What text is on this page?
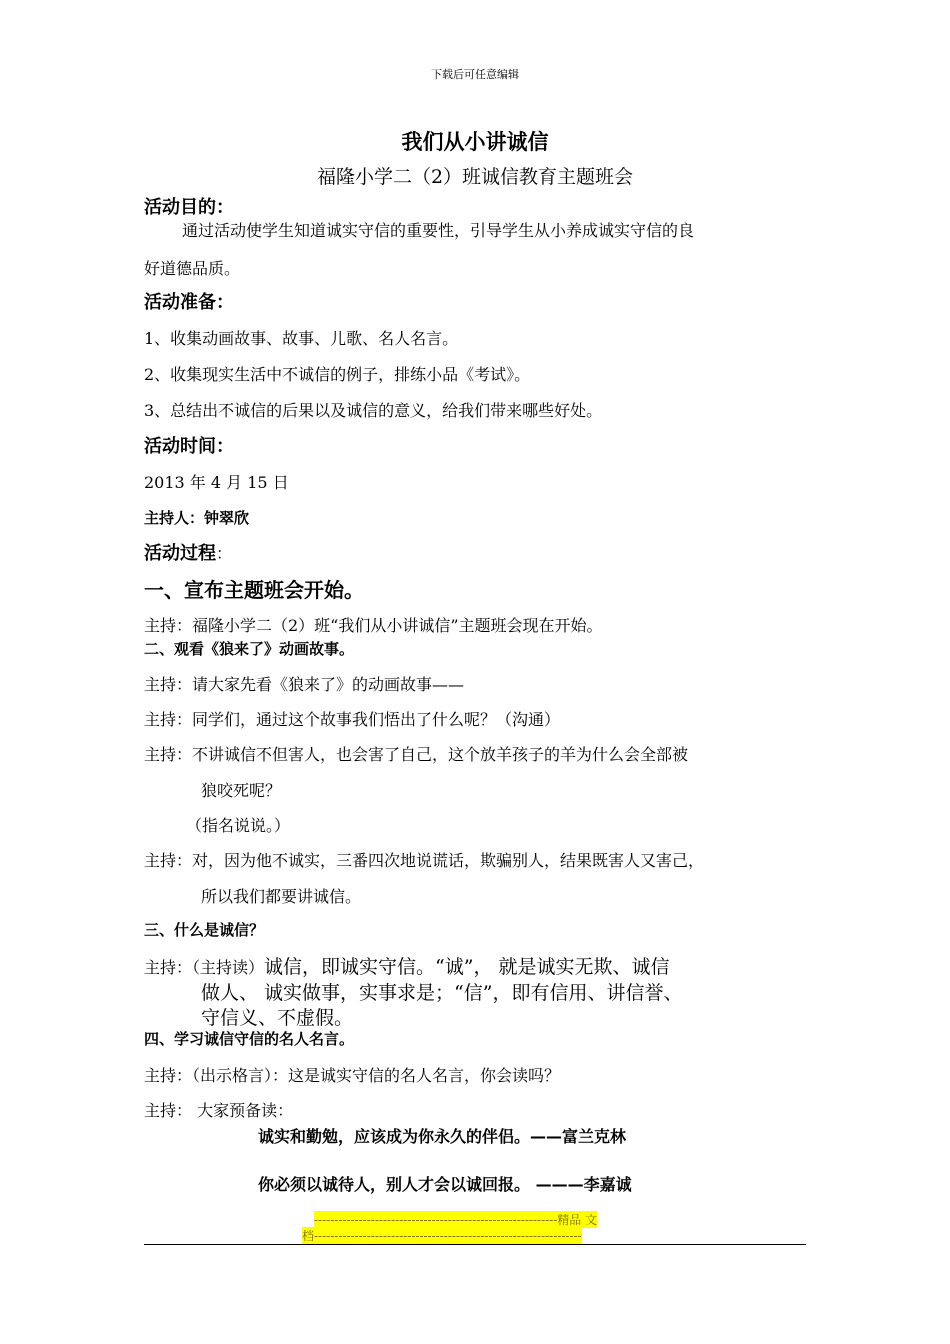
下载后可任意编辑
我们从小讲诚信
福隆小学二（2）班诚信教育主题班会
活动目的：
通过活动使学生知道诚实守信的重要性，引导学生从小养成诚实守信的良
好道德品质。
活动准备：
1、收集动画故事、故事、儿歌、名人名言。
2、收集现实生活中不诚信的例子，排练小品《考试》。
3、总结出不诚信的后果以及诚信的意义，给我们带来哪些好处。
活动时间：
2013 年 4 月 15 日
主持人：钟翠欣
活动过程：
一、宣布主题班会开始。
主持：福隆小学二（2）班“我们从小讲诚信”主题班会现在开始。
二、观看《狼来了》动画故事。
主持：请大家先看《狼来了》的动画故事——
主持：同学们，通过这个故事我们悟出了什么呢？（沟通）
主持：不讲诚信不但害人，也会害了自己，这个放羊孩子的羊为什么会全部被
狼咬死呢？
（指名说说。）
主持：对，因为他不诚实，三番四次地说谎话，欺骗别人，结果既害人又害己，
所以我们都要讲诚信。
三、什么是诚信？
主持：（主持读）诚信，即诚实守信。“诚”， 就是诚实无欺、诚信
做人、 诚实做事，实事求是；“信”，即有信用、讲信誉、
守信义、不虚假。
四、学习诚信守信的名人名言。
主持：（出示格言）：这是诚实守信的名人名言，你会读吗？
主持： 大家预备读：
诚实和勤勉，应该成为你永久的伴侣。——富兰克林
你必须以诚待人，别人才会以诚回报。 ———李嘉诚
------------------------------------------------------------精品 文
档------------------------------------------------------------------
